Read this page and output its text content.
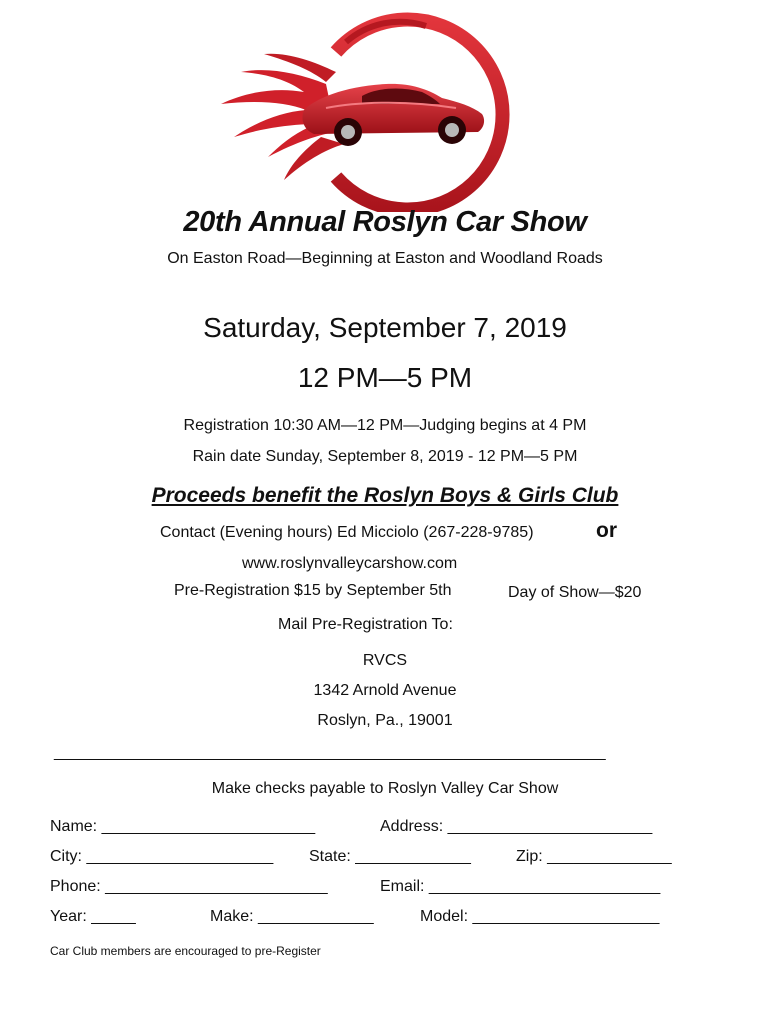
20th Annual Roslyn Car Show
On Easton Road—Beginning at Easton and Woodland Roads
Saturday, September 7, 2019
12 PM—5 PM
Registration 10:30 AM—12 PM—Judging begins at 4 PM
Rain date Sunday, September 8, 2019 - 12 PM—5 PM
Proceeds benefit the Roslyn Boys & Girls Club
Contact (Evening hours) Ed Micciolo (267-228-9785)	or
www.roslynvalleycarshow.com
Pre-Registration $15 by September 5th	Day of Show—$20
Mail Pre-Registration To:
RVCS
1342 Arnold Avenue
Roslyn, Pa., 19001
______________________________________________________________
Make checks payable to Roslyn Valley Car Show
Name: ________________________	Address: _______________________
City: _____________________ State: _____________	Zip: ______________
Phone: _________________________	Email: __________________________
Year: _____	Make: _____________	Model: _____________________
Car Club members are encouraged to pre-Register
